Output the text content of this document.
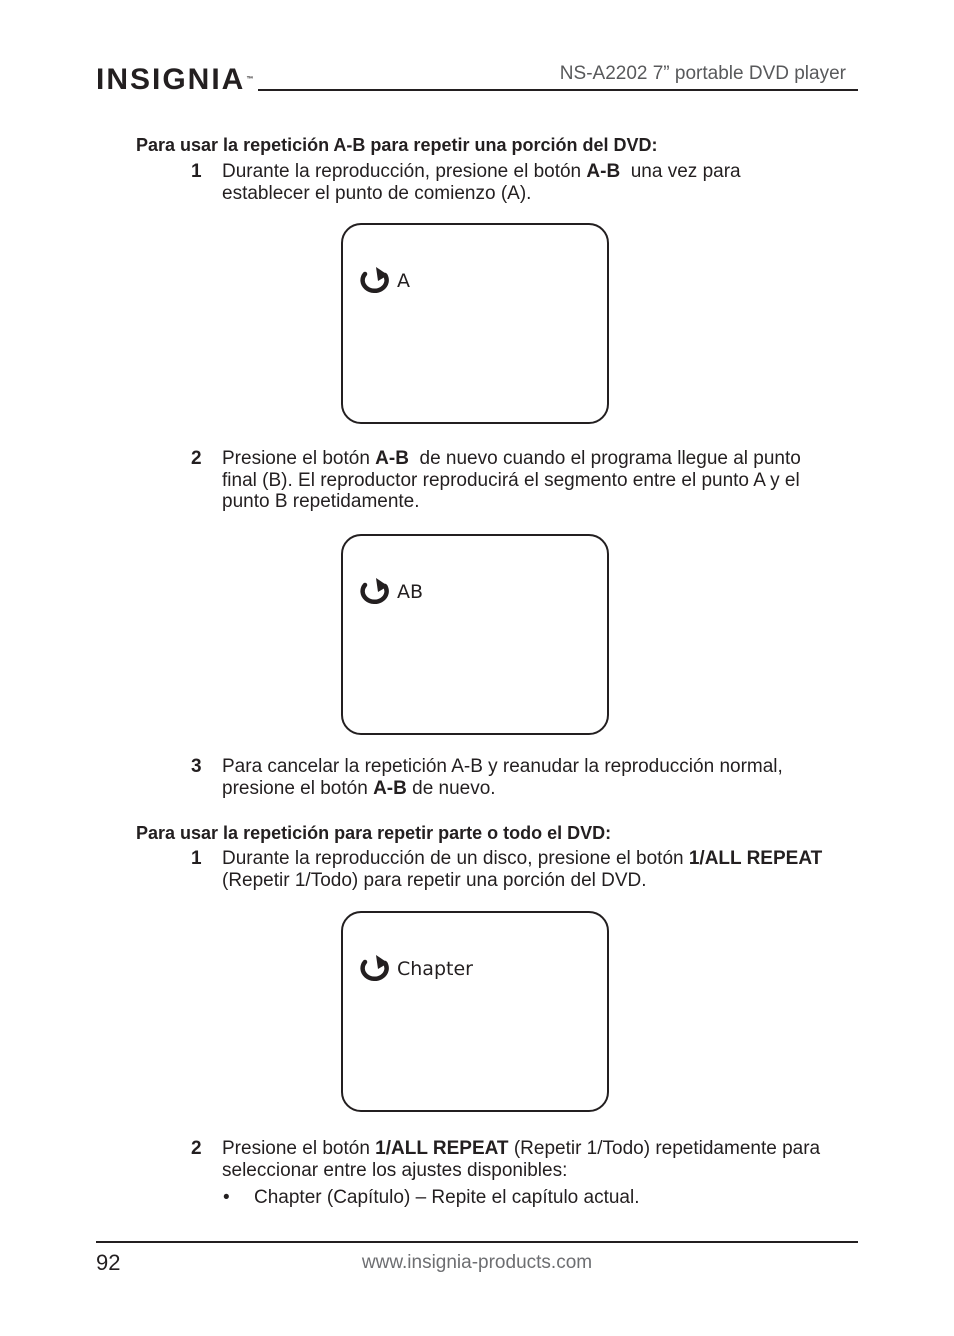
INSIGNIA™	NS-A2202 7” portable DVD player
Para usar la repetición A-B para repetir una porción del DVD:
1 Durante la reproducción, presione el botón A-B  una vez para establecer el punto de comienzo (A).
A
2 Presione el botón A-B  de nuevo cuando el programa llegue al punto final (B). El reproductor reproducirá el segmento entre el punto A y el punto B repetidamente.
AB
3 Para cancelar la repetición A-B y reanudar la reproducción normal, presione el botón A-B de nuevo.
Para usar la repetición para repetir parte o todo el DVD:
1 Durante la reproducción de un disco, presione el botón 1/ALL REPEAT (Repetir 1/Todo) para repetir una porción del DVD.
Chapter
2 Presione el botón 1/ALL REPEAT (Repetir 1/Todo) repetidamente para seleccionar entre los ajustes disponibles:
• Chapter (Capítulo) – Repite el capítulo actual.
92	www.insignia-products.com
